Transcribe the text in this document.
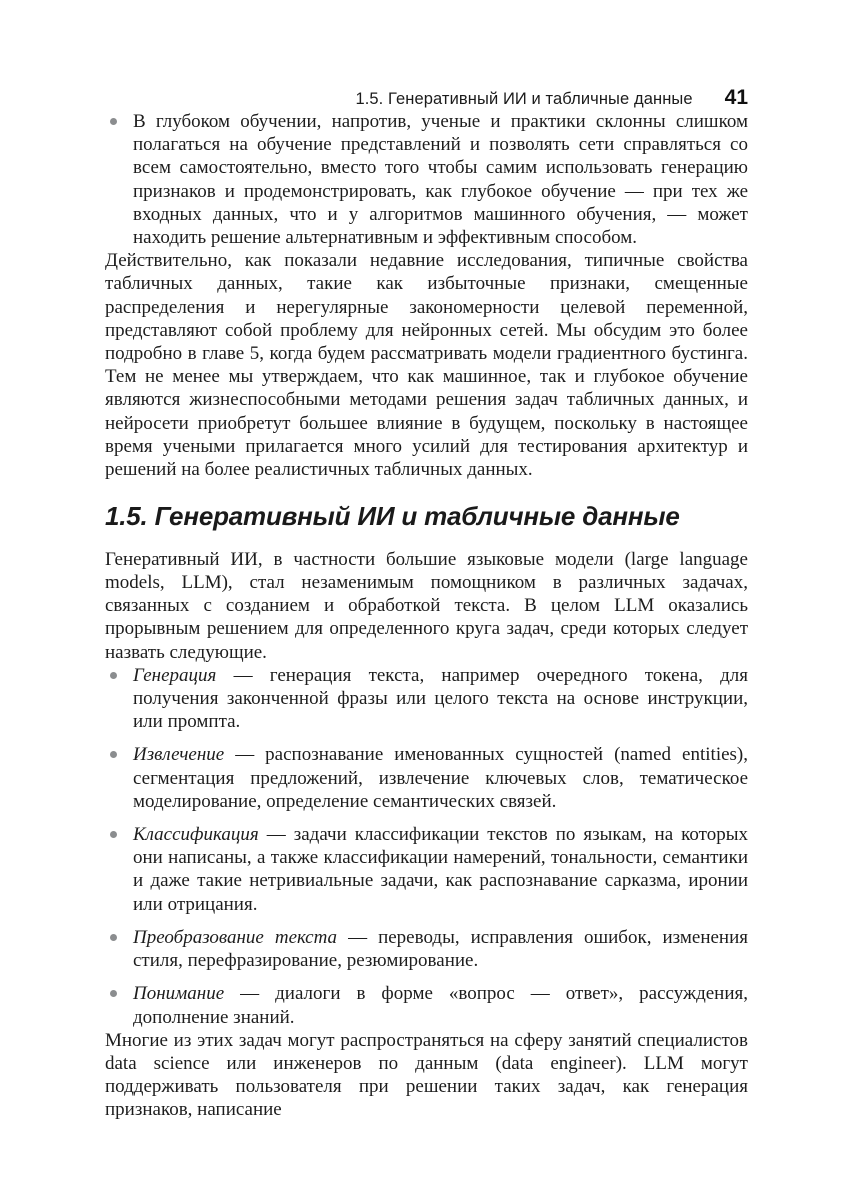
1.5. Генеративный ИИ и табличные данные 41
В глубоком обучении, напротив, ученые и практики склонны слишком полагаться на обучение представлений и позволять сети справляться со всем самостоятельно, вместо того чтобы самим использовать генерацию признаков и продемонстрировать, как глубокое обучение — при тех же входных данных, что и у алгоритмов машинного обучения, — может находить решение альтернативным и эффективным способом.

Действительно, как показали недавние исследования, типичные свойства табличных данных, такие как избыточные признаки, смещенные распределения и нерегулярные закономерности целевой переменной, представляют собой проблему для нейронных сетей. Мы обсудим это более подробно в главе 5, когда будем рассматривать модели градиентного бустинга. Тем не менее мы утверждаем, что как машинное, так и глубокое обучение являются жизнеспособными методами решения задач табличных данных, и нейросети приобретут большее влияние в будущем, поскольку в настоящее время учеными прилагается много усилий для тестирования архитектур и решений на более реалистичных табличных данных.

1.5. Генеративный ИИ и табличные данные

Генеративный ИИ, в частности большие языковые модели (large language models, LLM), стал незаменимым помощником в различных задачах, связанных с созданием и обработкой текста. В целом LLM оказались прорывным решением для определенного круга задач, среди которых следует назвать следующие.

Генерация — генерация текста, например очередного токена, для получения законченной фразы или целого текста на основе инструкции, или промпта.
Извлечение — распознавание именованных сущностей (named entities), сегментация предложений, извлечение ключевых слов, тематическое моделирование, определение семантических связей.
Классификация — задачи классификации текстов по языкам, на которых они написаны, а также классификации намерений, тональности, семантики и даже такие нетривиальные задачи, как распознавание сарказма, иронии или отрицания.
Преобразование текста — переводы, исправления ошибок, изменения стиля, перефразирование, резюмирование.
Понимание — диалоги в форме «вопрос — ответ», рассуждения, дополнение знаний.

Многие из этих задач могут распространяться на сферу занятий специалистов data science или инженеров по данным (data engineer). LLM могут поддерживать пользователя при решении таких задач, как генерация признаков, написание
